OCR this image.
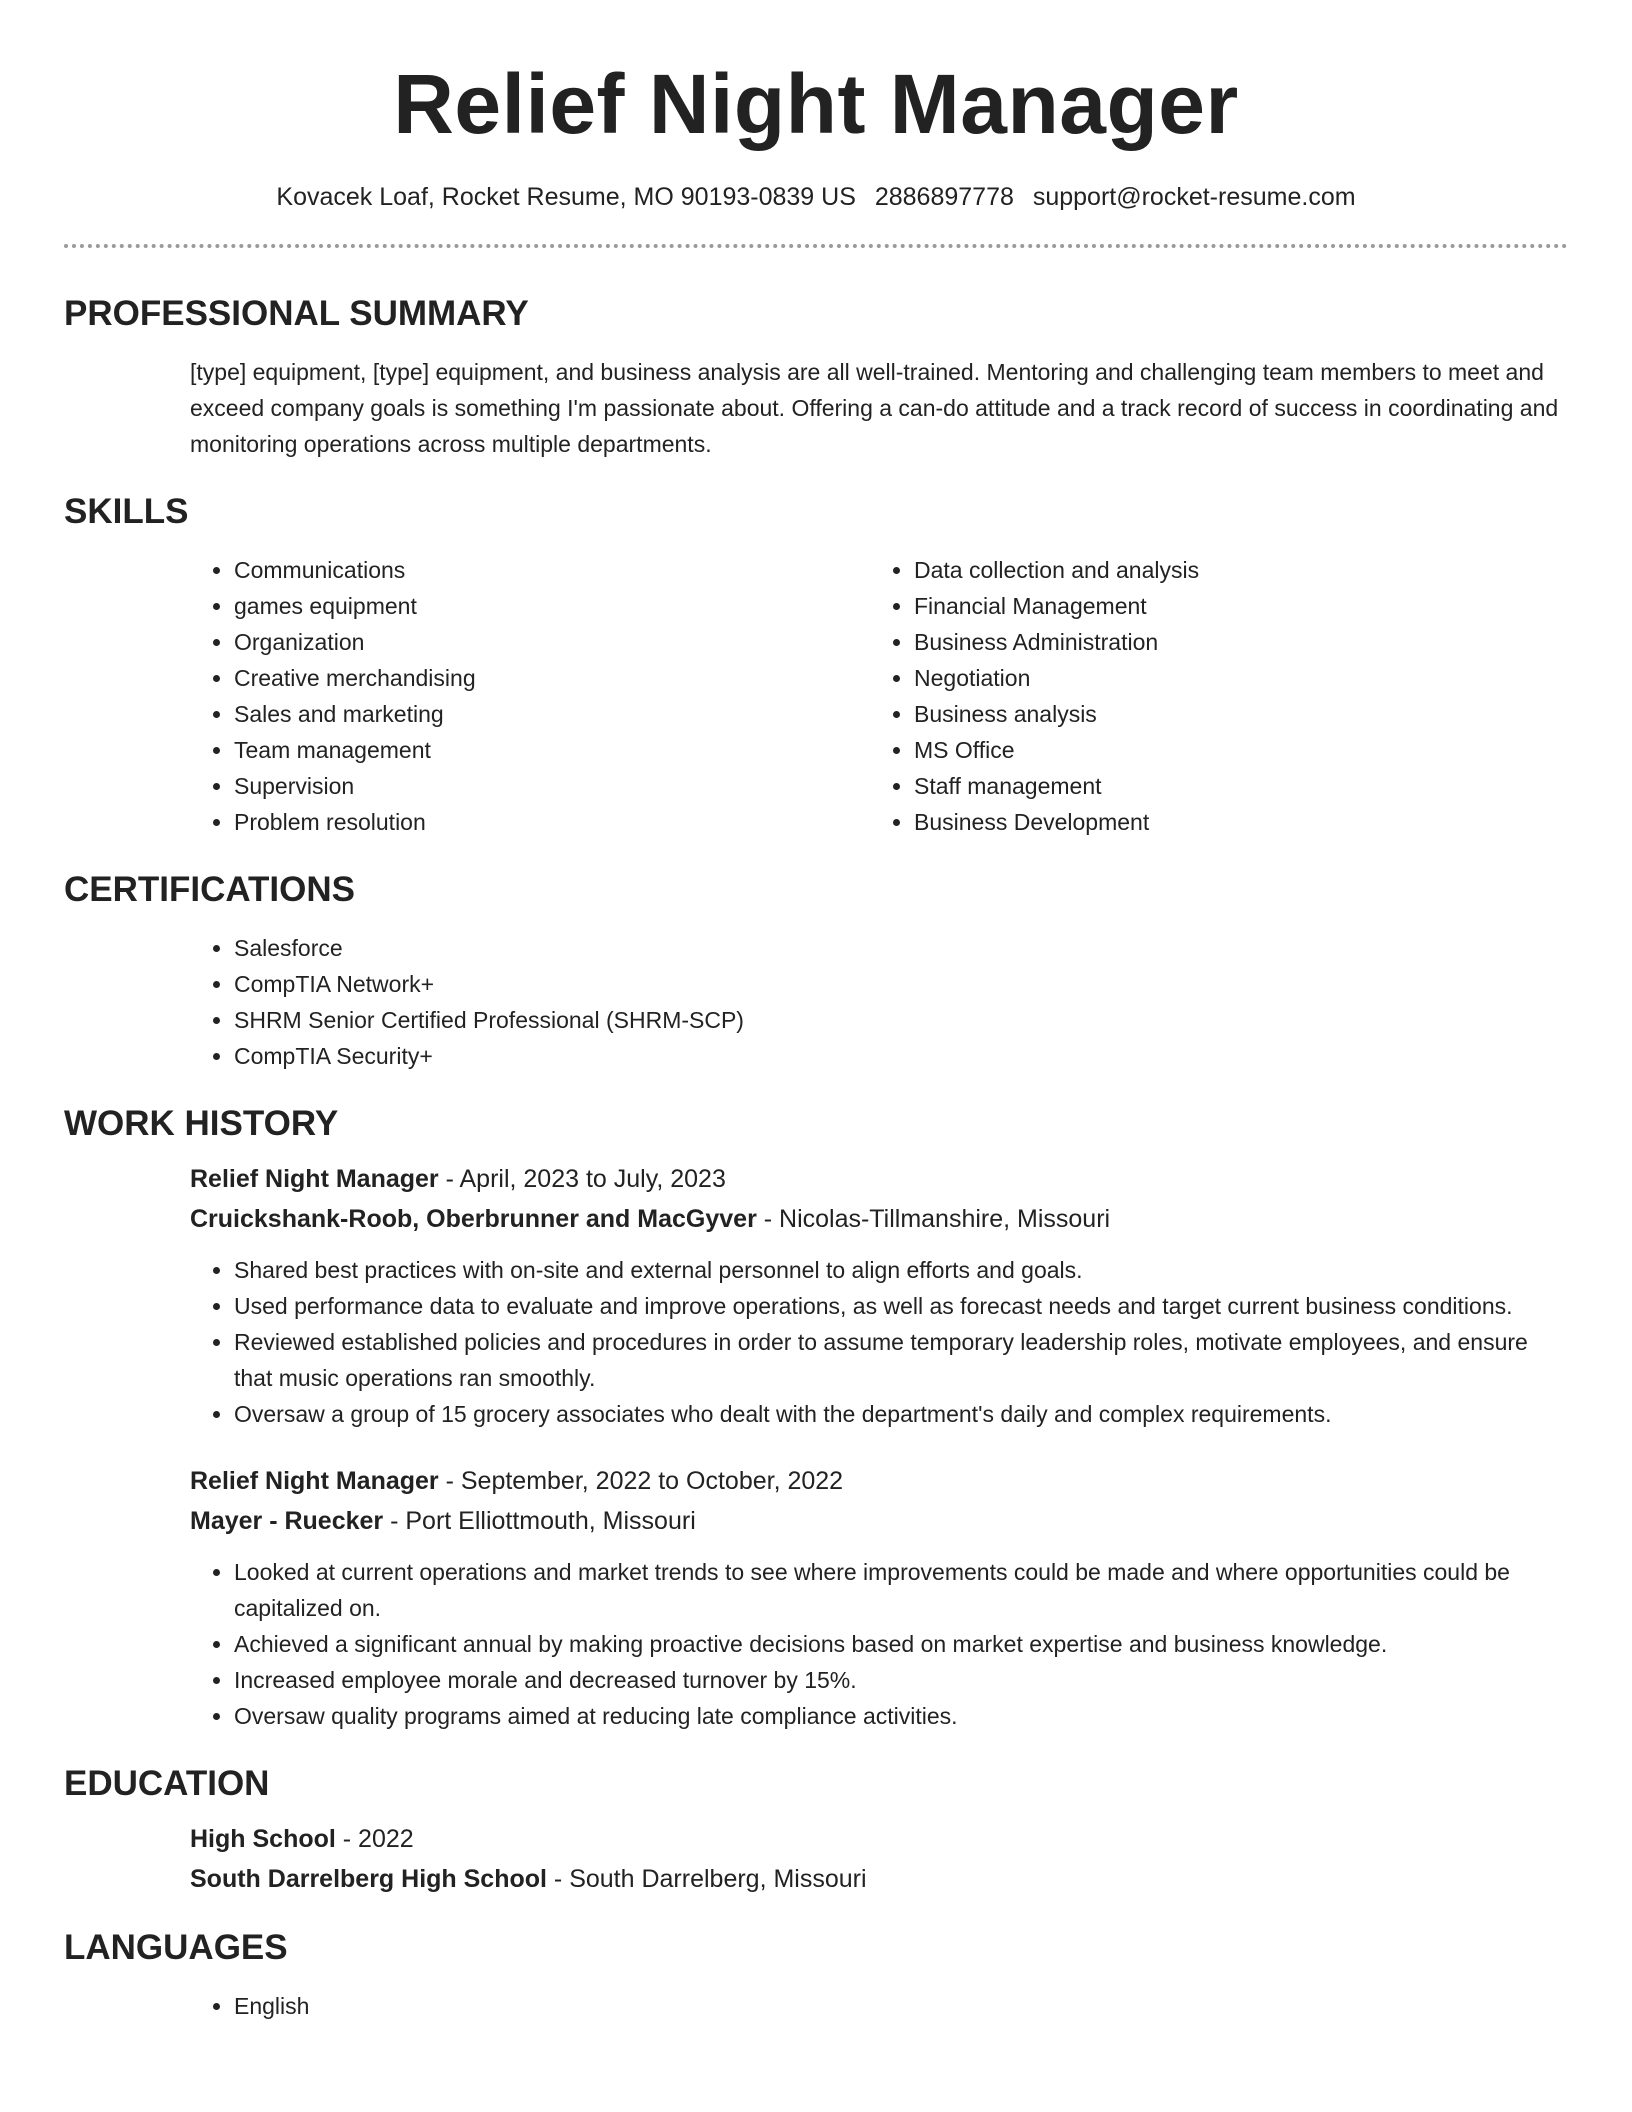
Relief Night Manager
Kovacek Loaf, Rocket Resume, MO 90193-0839 US 2886897778 support@rocket-resume.com
PROFESSIONAL SUMMARY

[type] equipment, [type] equipment, and business analysis are all well-trained. Mentoring and challenging team members to meet and exceed company goals is something I'm passionate about. Offering a can-do attitude and a track record of success in coordinating and monitoring operations across multiple departments.

SKILLS
• Communications
• games equipment
• Organization
• Creative merchandising
• Sales and marketing
• Team management
• Supervision
• Problem resolution
• Data collection and analysis
• Financial Management
• Business Administration
• Negotiation
• Business analysis
• MS Office
• Staff management
• Business Development
CERTIFICATIONS
• Salesforce
• CompTIA Network+
• SHRM Senior Certified Professional (SHRM-SCP)
• CompTIA Security+
WORK HISTORY

Relief Night Manager - April, 2023 to July, 2023

Cruickshank-Roob, Oberbrunner and MacGyver - Nicolas-Tillmanshire, Missouri

• Shared best practices with on-site and external personnel to align efforts and goals.
• Used performance data to evaluate and improve operations, as well as forecast needs and target current business conditions.
• Reviewed established policies and procedures in order to assume temporary leadership roles, motivate employees, and ensure that music operations ran smoothly.
• Oversaw a group of 15 grocery associates who dealt with the department's daily and complex requirements.

Relief Night Manager - September, 2022 to October, 2022

Mayer - Ruecker - Port Elliottmouth, Missouri

• Looked at current operations and market trends to see where improvements could be made and where opportunities could be capitalized on.
• Achieved a significant annual by making proactive decisions based on market expertise and business knowledge.
• Increased employee morale and decreased turnover by 15%.
• Oversaw quality programs aimed at reducing late compliance activities.
EDUCATION

High School - 2022

South Darrelberg High School - South Darrelberg, Missouri

LANGUAGES
• English
